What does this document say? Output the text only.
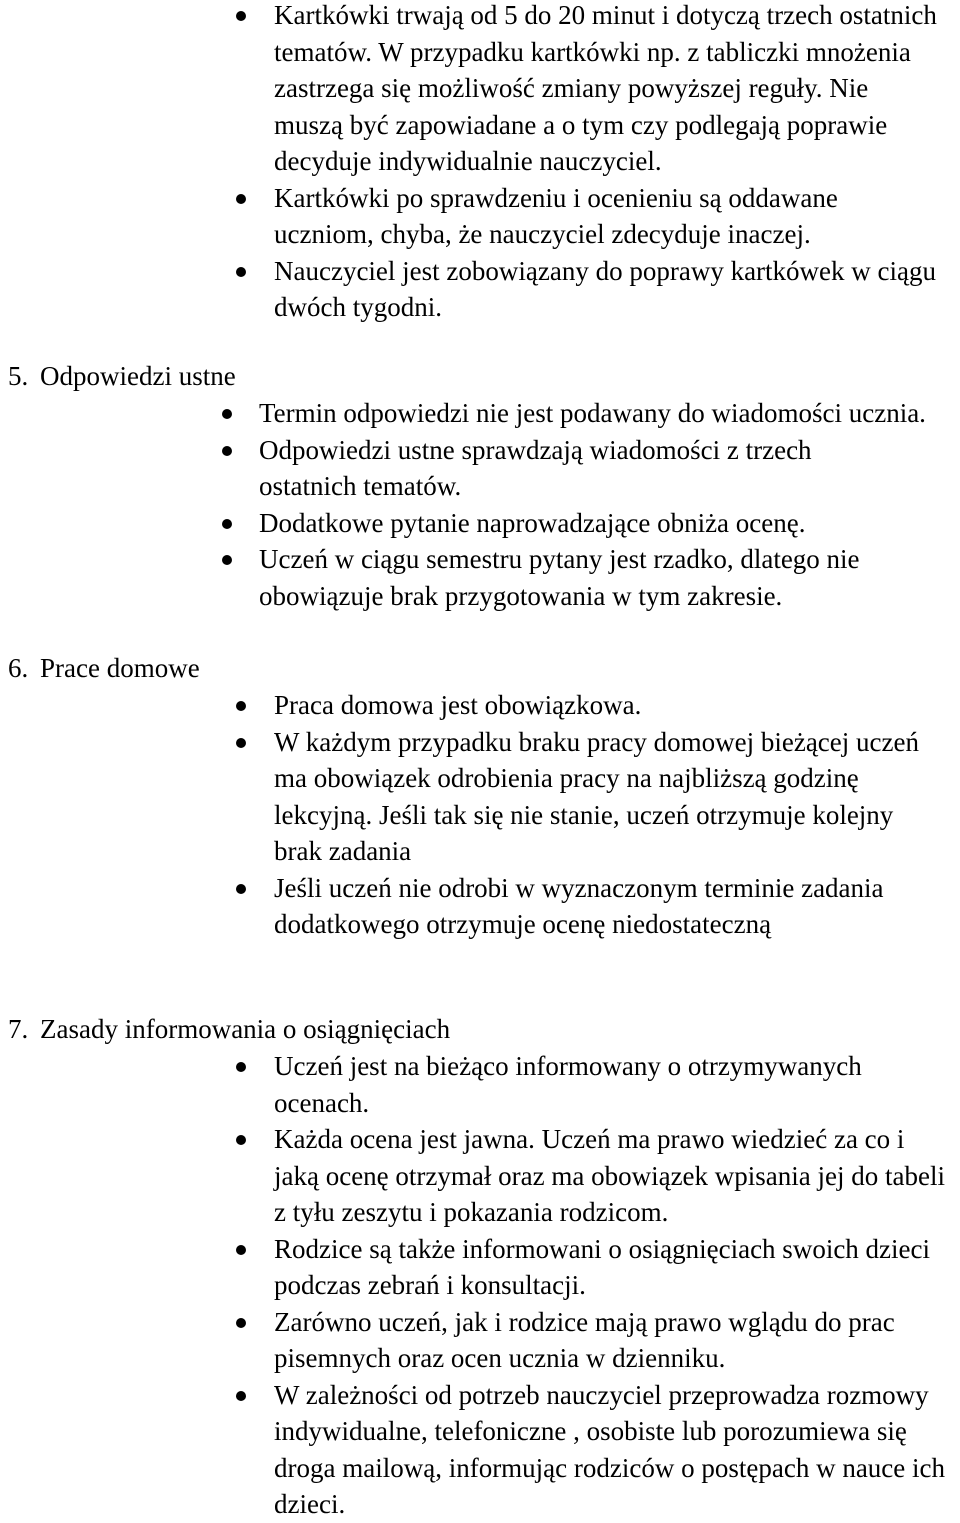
Kartkówki trwają od 5 do 20 minut i dotyczą trzech ostatnich tematów. W przypadku kartkówki np. z tabliczki mnożenia zastrzega się możliwość zmiany powyższej reguły. Nie muszą być zapowiadane a o tym czy podlegają poprawie decyduje indywidualnie nauczyciel.
Kartkówki po sprawdzeniu i ocenieniu są oddawane uczniom, chyba, że nauczyciel zdecyduje inaczej.
Nauczyciel jest zobowiązany do poprawy kartkówek w ciągu dwóch tygodni.
5. Odpowiedzi ustne
Termin odpowiedzi nie jest podawany do wiadomości ucznia.
Odpowiedzi ustne sprawdzają wiadomości z trzech ostatnich tematów.
Dodatkowe pytanie naprowadzające obniża ocenę.
Uczeń w ciągu semestru pytany jest rzadko, dlatego nie obowiązuje brak przygotowania w tym zakresie.
6. Prace domowe
Praca domowa jest obowiązkowa.
W każdym przypadku braku pracy domowej bieżącej uczeń ma obowiązek odrobienia pracy na najbliższą godzinę lekcyjną. Jeśli tak się nie stanie, uczeń otrzymuje kolejny brak zadania
Jeśli uczeń nie odrobi w wyznaczonym terminie zadania dodatkowego otrzymuje ocenę niedostateczną
7. Zasady informowania o osiągnięciach
Uczeń jest na bieżąco informowany o otrzymywanych ocenach.
Każda ocena jest jawna. Uczeń ma prawo wiedzieć za co i jaką ocenę otrzymał oraz ma obowiązek wpisania jej do tabeli z tyłu zeszytu i pokazania rodzicom.
Rodzice są także informowani o osiągnięciach swoich dzieci podczas zebrań i konsultacji.
Zarówno uczeń, jak i rodzice mają prawo wglądu do prac pisemnych oraz ocen ucznia w dzienniku.
W zależności od potrzeb nauczyciel przeprowadza rozmowy indywidualne, telefoniczne , osobiste lub porozumiewa się droga mailową, informując rodziców o postępach w nauce ich dzieci.
